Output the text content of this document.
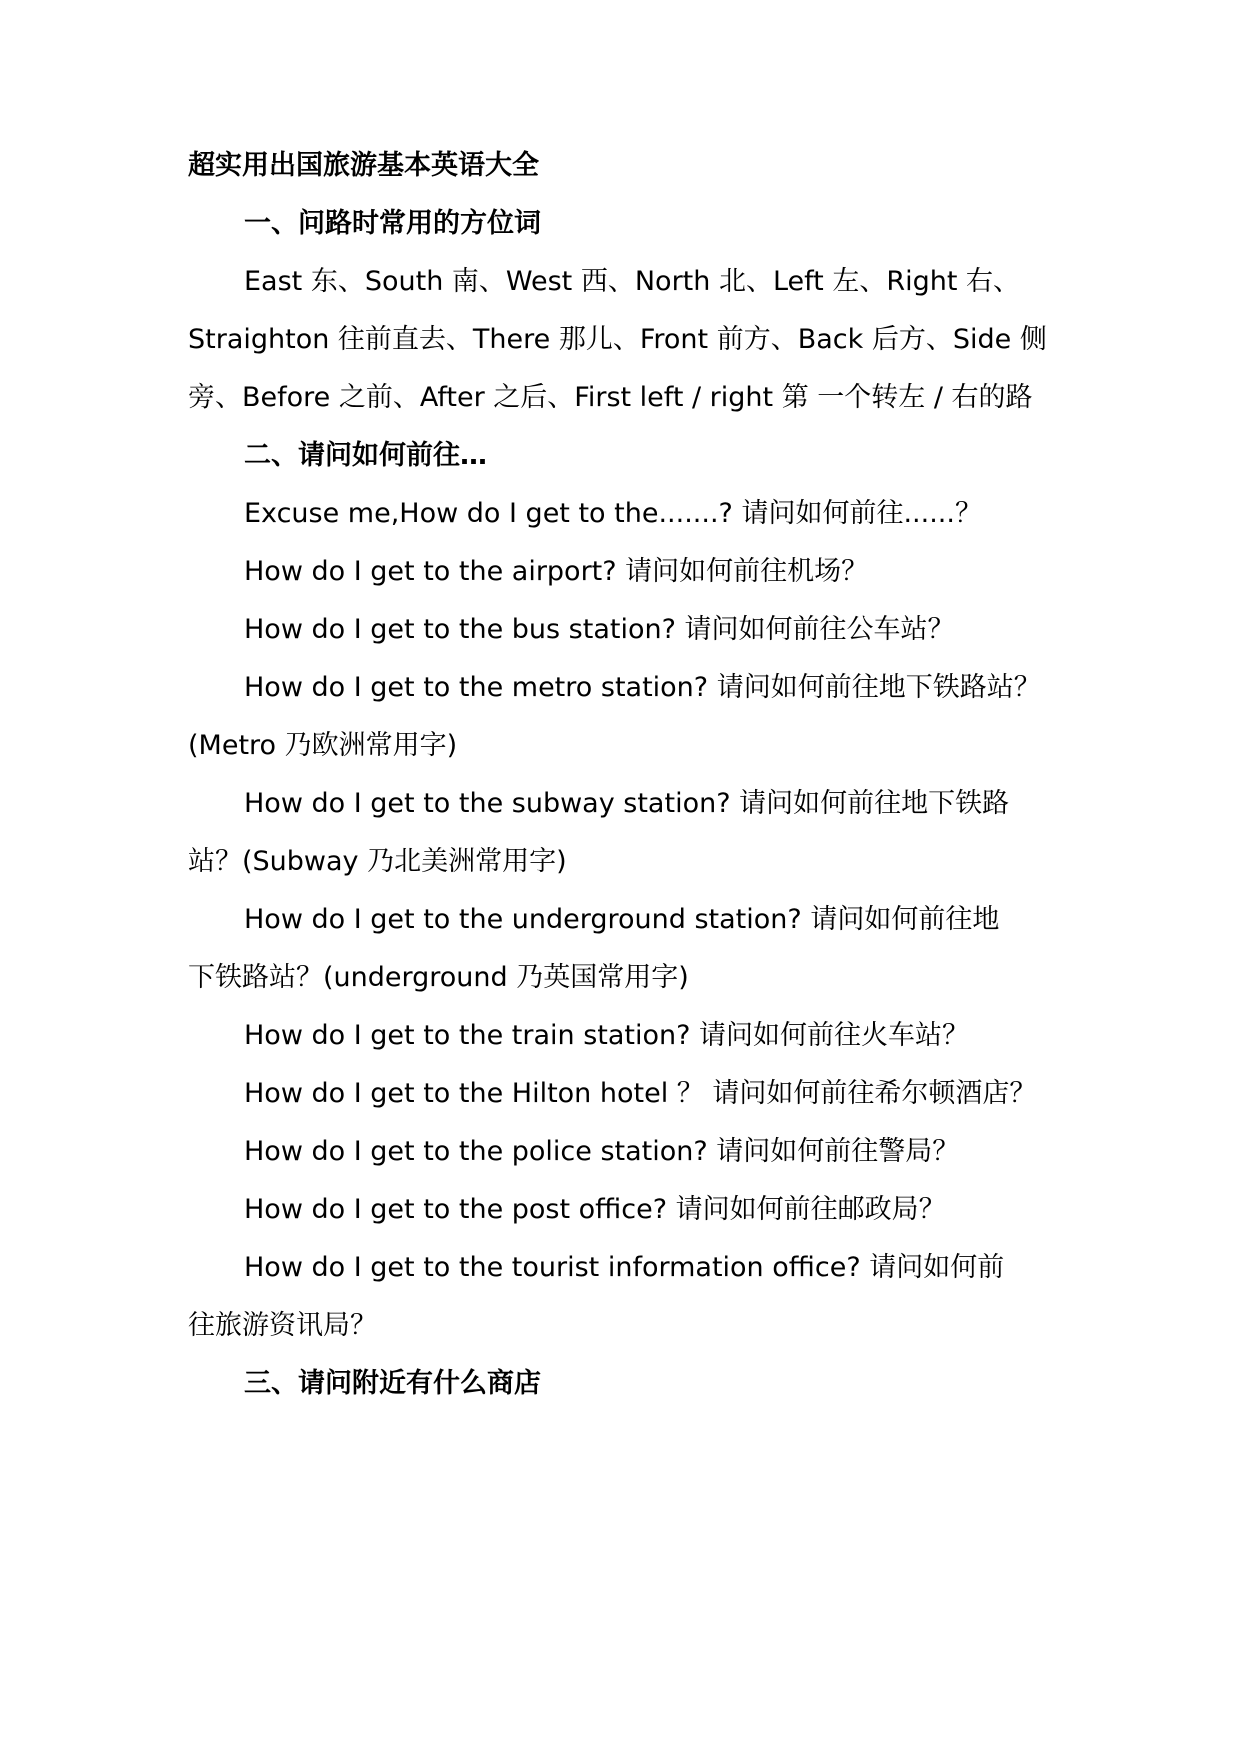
超实用出国旅游基本英语大全
一、问路时常用的方位词
East 东、South 南、West 西、North 北、Left 左、Right 右、
Straighton 往前直去、There 那儿、Front 前方、Back 后方、Side 侧
旁、Before 之前、After 之后、First left / right 第 一个转左 / 右的路
二、请问如何前往…
Excuse me,How do I get to the.......? 请问如何前往......？
How do I get to the airport? 请问如何前往机场？
How do I get to the bus station? 请问如何前往公车站？
How do I get to the metro station? 请问如何前往地下铁路站？
(Metro 乃欧洲常用字)
How do I get to the subway station? 请问如何前往地下铁路
站？(Subway 乃北美洲常用字)
How do I get to the underground station? 请问如何前往地
下铁路站？(underground 乃英国常用字)
How do I get to the train station? 请问如何前往火车站？
How do I get to the Hilton hotel ？ 请问如何前往希尔顿酒店？
How do I get to the police station? 请问如何前往警局？
How do I get to the post office? 请问如何前往邮政局？
How do I get to the tourist information office? 请问如何前
往旅游资讯局？
三、请问附近有什么商店
